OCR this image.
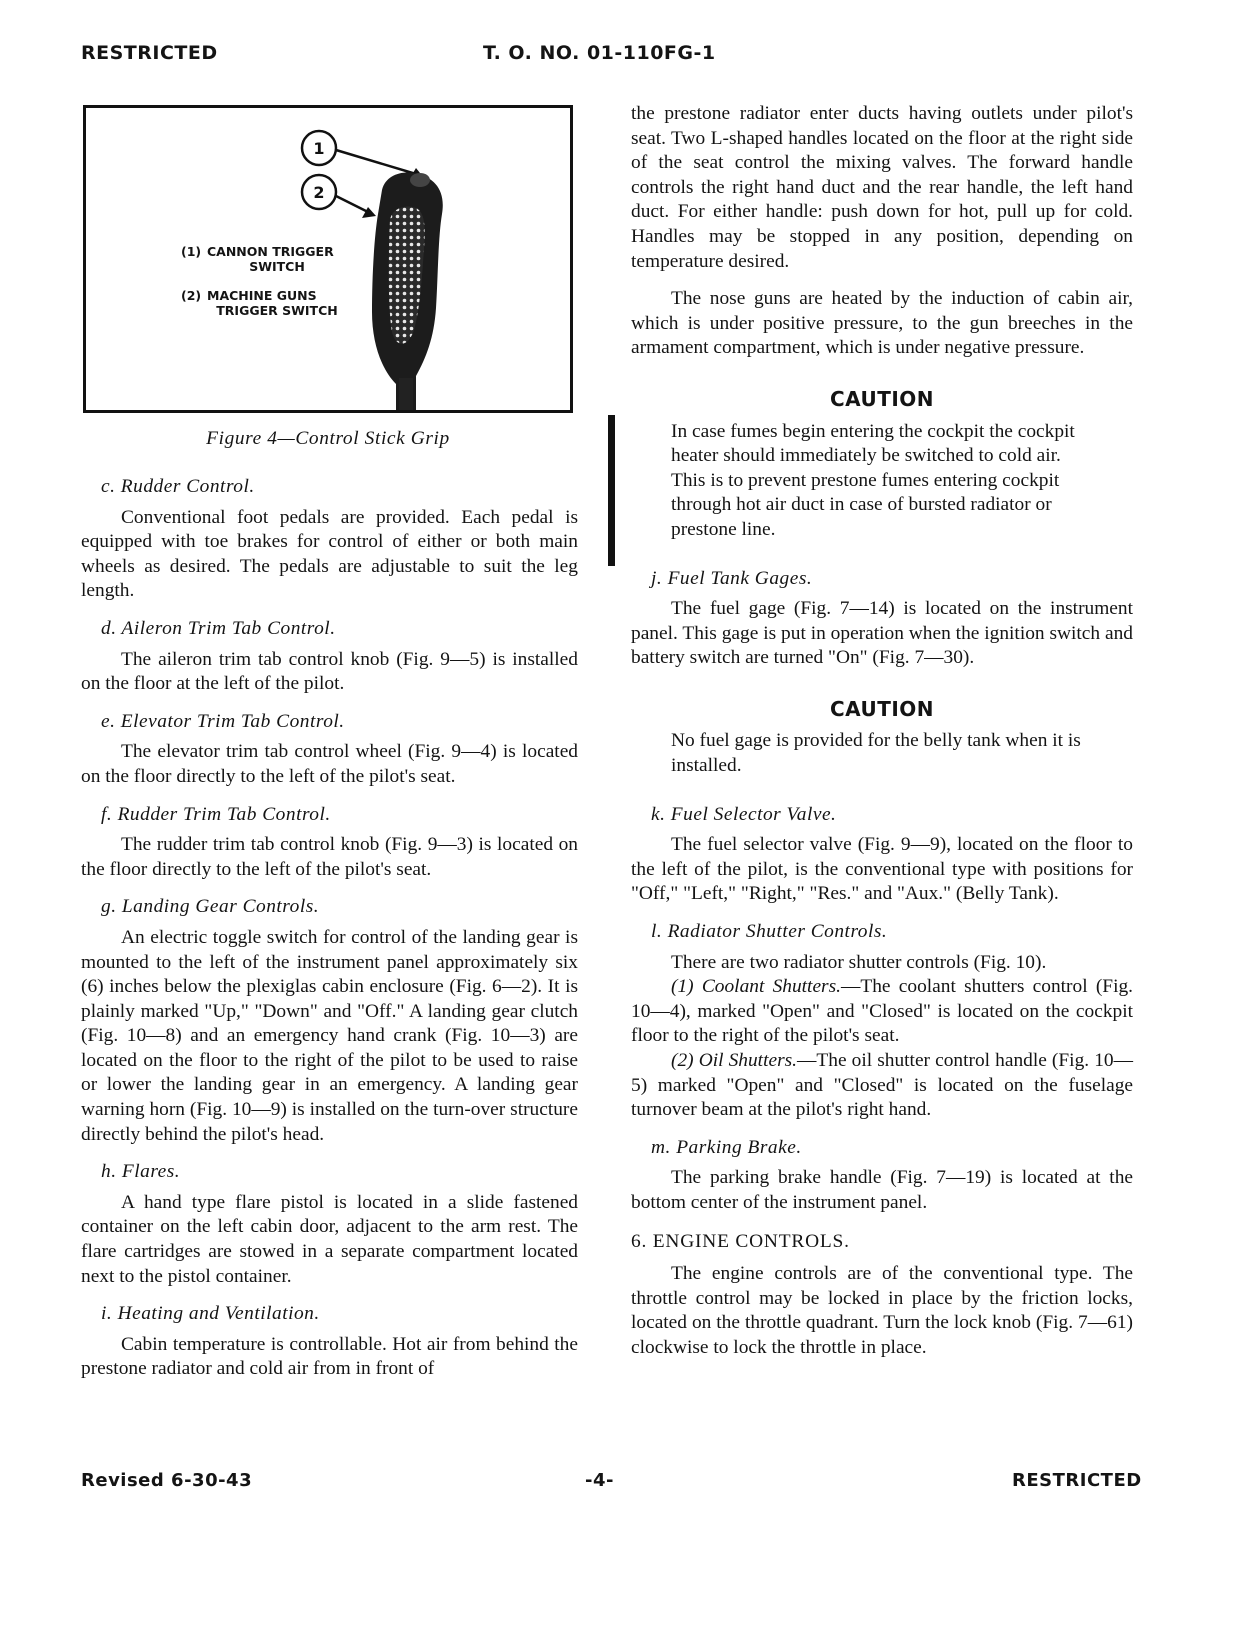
RESTRICTED	T. O. NO. 01-110FG-1
1
2
(1) CANNON TRIGGER
SWITCH
(2) MACHINE GUNS
TRIGGER SWITCH
Figure 4—Control Stick Grip
c. Rudder Control.

Conventional foot pedals are provided. Each pedal is equipped with toe brakes for control of either or both main wheels as desired. The pedals are adjustable to suit the leg length.

d. Aileron Trim Tab Control.

The aileron trim tab control knob (Fig. 9—5) is installed on the floor at the left of the pilot.

e. Elevator Trim Tab Control.

The elevator trim tab control wheel (Fig. 9—4) is located on the floor directly to the left of the pilot's seat.

f. Rudder Trim Tab Control.

The rudder trim tab control knob (Fig. 9—3) is located on the floor directly to the left of the pilot's seat.

g. Landing Gear Controls.

An electric toggle switch for control of the landing gear is mounted to the left of the instrument panel approximately six (6) inches below the plexiglas cabin enclosure (Fig. 6—2). It is plainly marked "Up," "Down" and "Off." A landing gear clutch (Fig. 10—8) and an emergency hand crank (Fig. 10—3) are located on the floor to the right of the pilot to be used to raise or lower the landing gear in an emergency. A landing gear warning horn (Fig. 10—9) is installed on the turn-over structure directly behind the pilot's head.

h. Flares.

A hand type flare pistol is located in a slide fastened container on the left cabin door, adjacent to the arm rest. The flare cartridges are stowed in a separate compartment located next to the pistol container.

i. Heating and Ventilation.

Cabin temperature is controllable. Hot air from behind the prestone radiator and cold air from in front of

the prestone radiator enter ducts having outlets under pilot's seat. Two L-shaped handles located on the floor at the right side of the seat control the mixing valves. The forward handle controls the right hand duct and the rear handle, the left hand duct. For either handle: push down for hot, pull up for cold. Handles may be stopped in any position, depending on temperature desired.

The nose guns are heated by the induction of cabin air, which is under positive pressure, to the gun breeches in the armament compartment, which is under negative pressure.

CAUTION
In case fumes begin entering the cockpit the cockpit heater should immediately be switched to cold air. This is to prevent prestone fumes entering cockpit through hot air duct in case of bursted radiator or prestone line.
j. Fuel Tank Gages.

The fuel gage (Fig. 7—14) is located on the instrument panel. This gage is put in operation when the ignition switch and battery switch are turned "On" (Fig. 7—30).

CAUTION
No fuel gage is provided for the belly tank when it is installed.
k. Fuel Selector Valve.

The fuel selector valve (Fig. 9—9), located on the floor to the left of the pilot, is the conventional type with positions for "Off," "Left," "Right," "Res." and "Aux." (Belly Tank).

l. Radiator Shutter Controls.

There are two radiator shutter controls (Fig. 10).

(1) Coolant Shutters.—The coolant shutters control (Fig. 10—4), marked "Open" and "Closed" is located on the cockpit floor to the right of the pilot's seat.

(2) Oil Shutters.—The oil shutter control handle (Fig. 10—5) marked "Open" and "Closed" is located on the fuselage turnover beam at the pilot's right hand.

m. Parking Brake.

The parking brake handle (Fig. 7—19) is located at the bottom center of the instrument panel.

6. ENGINE CONTROLS.

The engine controls are of the conventional type. The throttle control may be locked in place by the friction locks, located on the throttle quadrant. Turn the lock knob (Fig. 7—61) clockwise to lock the throttle in place.

Revised 6-30-43	-4-	RESTRICTED
